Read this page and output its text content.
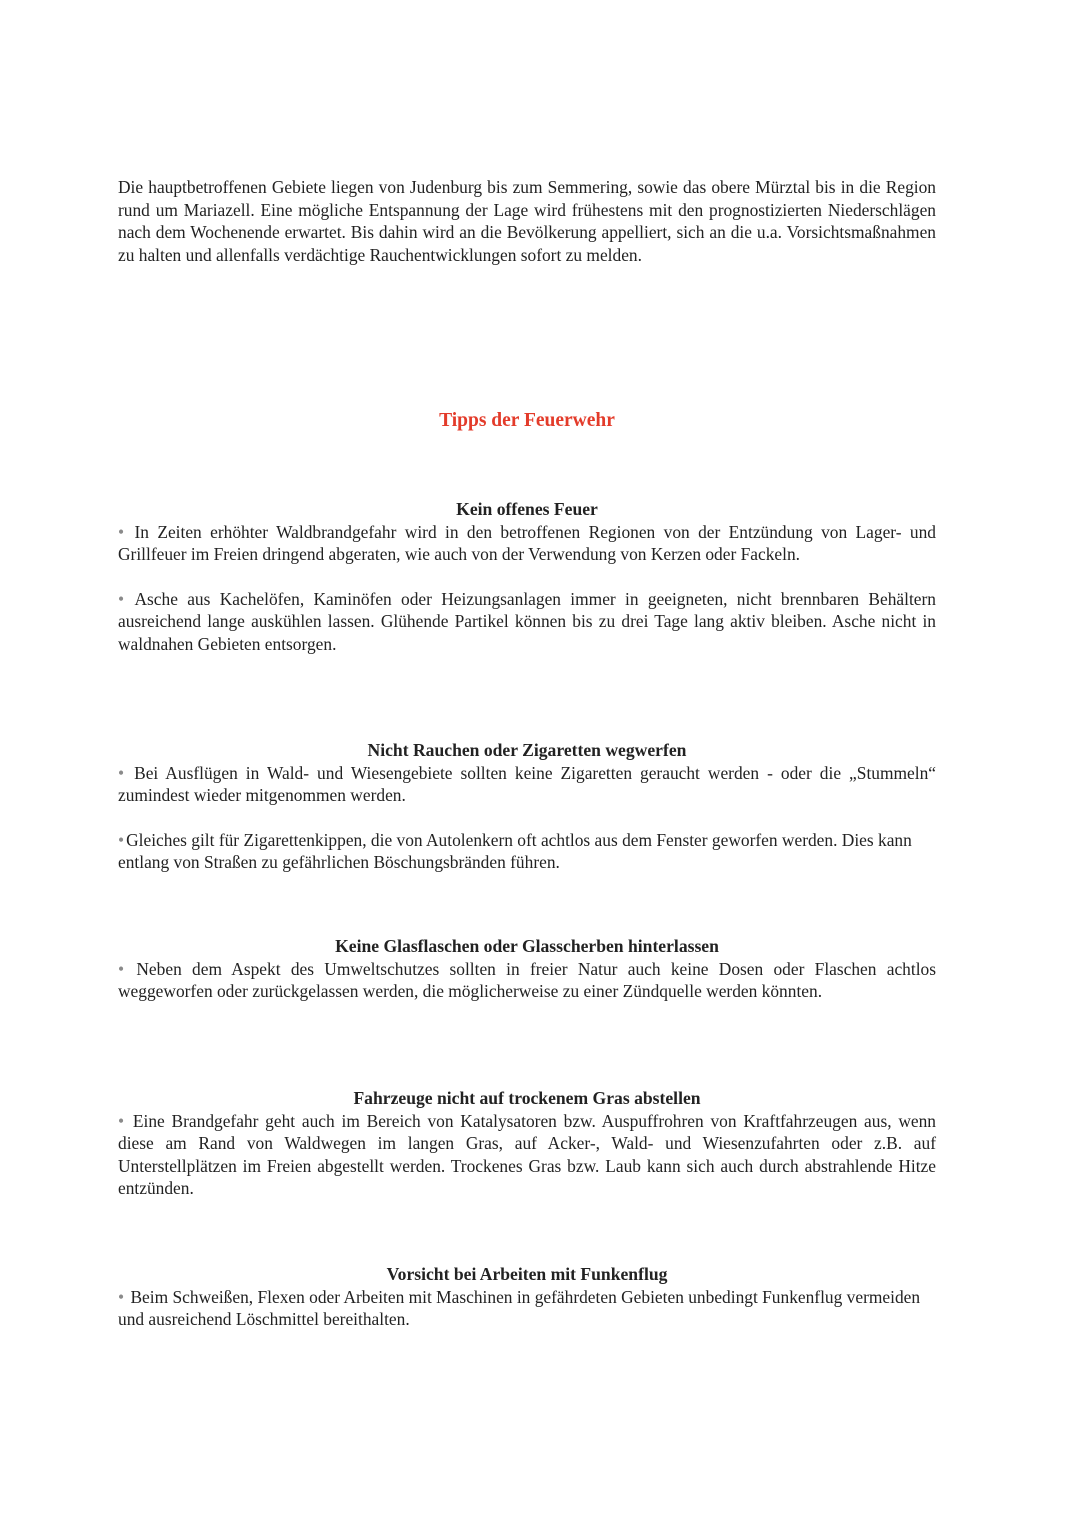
Die hauptbetroffenen Gebiete liegen von Judenburg bis zum Semmering, sowie das obere Mürztal bis in die Region rund um Mariazell. Eine mögliche Entspannung der Lage wird frühestens mit den prognostizierten Niederschlägen nach dem Wochenende erwartet. Bis dahin wird an die Bevölkerung appelliert, sich an die u.a. Vorsichtsmaßnahmen zu halten und allenfalls verdächtige Rauchentwicklungen sofort zu melden.

Tipps der Feuerwehr
Kein offenes Feuer

• In Zeiten erhöhter Waldbrandgefahr wird in den betroffenen Regionen von der Entzündung von Lager- und Grillfeuer im Freien dringend abgeraten, wie auch von der Verwendung von Kerzen oder Fackeln.

• Asche aus Kachelöfen, Kaminöfen oder Heizungsanlagen immer in geeigneten, nicht brennbaren Behältern ausreichend lange auskühlen lassen. Glühende Partikel können bis zu drei Tage lang aktiv bleiben. Asche nicht in waldnahen Gebieten entsorgen.

Nicht Rauchen oder Zigaretten wegwerfen

• Bei Ausflügen in Wald- und Wiesengebiete sollten keine Zigaretten geraucht werden - oder die „Stummeln“ zumindest wieder mitgenommen werden.

• Gleiches gilt für Zigarettenkippen, die von Autolenkern oft achtlos aus dem Fenster geworfen werden. Dies kann entlang von Straßen zu gefährlichen Böschungsbränden führen.

Keine Glasflaschen oder Glasscherben hinterlassen

• Neben dem Aspekt des Umweltschutzes sollten in freier Natur auch keine Dosen oder Flaschen achtlos weggeworfen oder zurückgelassen werden, die möglicherweise zu einer Zündquelle werden könnten.

Fahrzeuge nicht auf trockenem Gras abstellen

• Eine Brandgefahr geht auch im Bereich von Katalysatoren bzw. Auspuffrohren von Kraftfahrzeugen aus, wenn diese am Rand von Waldwegen im langen Gras, auf Acker-, Wald- und Wiesenzufahrten oder z.B. auf Unterstellplätzen im Freien abgestellt werden. Trockenes Gras bzw. Laub kann sich auch durch abstrahlende Hitze entzünden.

Vorsicht bei Arbeiten mit Funkenflug

• Beim Schweißen, Flexen oder Arbeiten mit Maschinen in gefährdeten Gebieten unbedingt Funkenflug vermeiden und ausreichend Löschmittel bereithalten.
